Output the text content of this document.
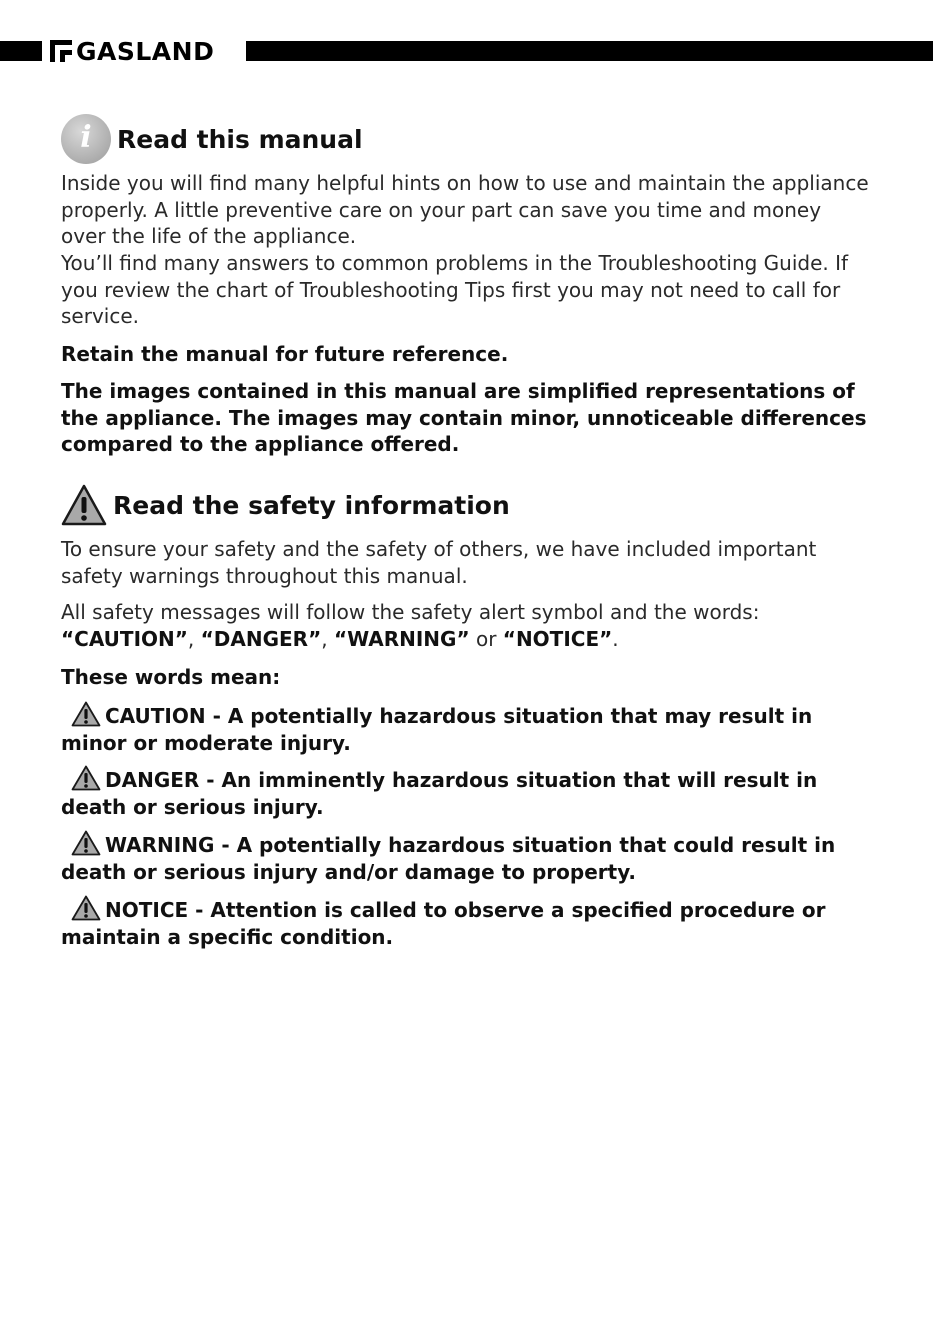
GASLAND
i	Read this manual

Inside you will find many helpful hints on how to use and maintain the appliance properly. A little preventive care on your part can save you time and money over the life of the appliance.

You’ll find many answers to common problems in the Troubleshooting Guide. If you review the chart of Troubleshooting Tips first you may not need to call for service.

Retain the manual for future reference.

The images contained in this manual are simplified representations of the appliance. The images may contain minor, unnoticeable differences compared to the appliance offered.

Read the safety information

To ensure your safety and the safety of others, we have included important safety warnings throughout this manual.

All safety messages will follow the safety alert symbol and the words:

“CAUTION”, “DANGER”, “WARNING” or “NOTICE”.

These words mean:

CAUTION - A potentially hazardous situation that may result in minor or moderate injury.

DANGER - An imminently hazardous situation that will result in death or serious injury.

WARNING - A potentially hazardous situation that could result in death or serious injury and/or damage to property.

NOTICE - Attention is called to observe a specified procedure or maintain a specific condition.
